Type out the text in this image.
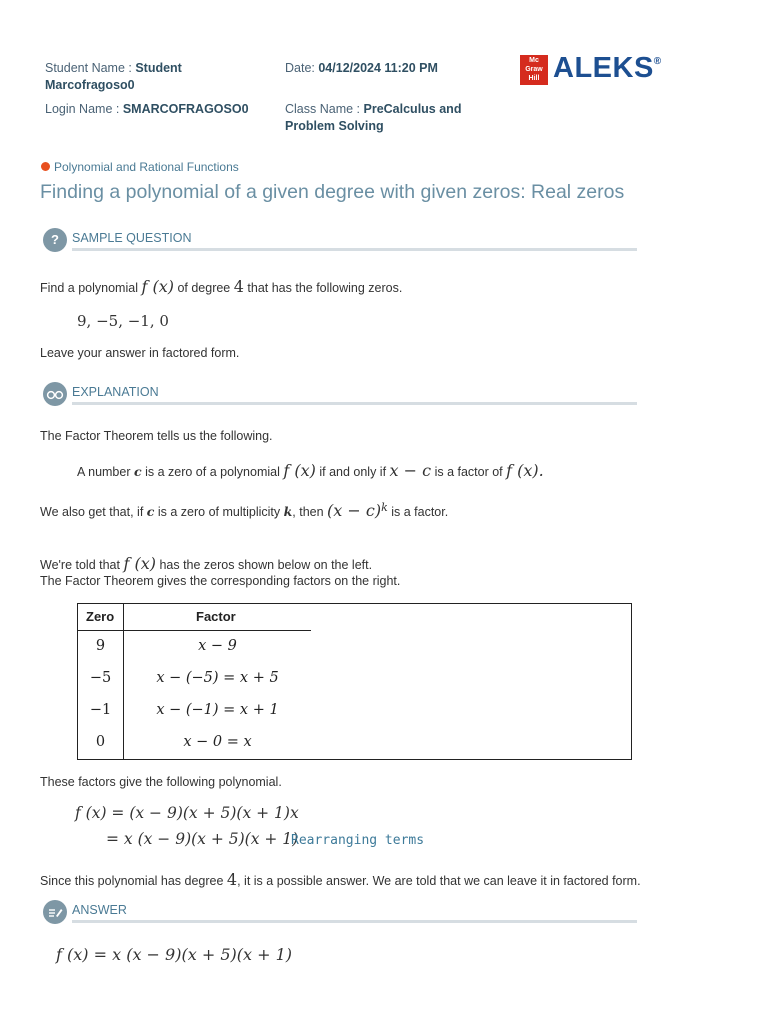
Student Name : Student
Marcofragoso0
Date: 04/12/2024 11:20 PM
Login Name : SMARCOFRAGOSO0	Class Name : PreCalculus and
Problem Solving
Mc Graw Hill ALEKS®
Polynomial and Rational Functions
Finding a polynomial of a given degree with given zeros: Real zeros
?	SAMPLE QUESTION
Find a polynomial f (x) of degree 4 that has the following zeros.
9, −5, −1, 0
Leave your answer in factored form.
EXPLANATION
The Factor Theorem tells us the following.
A number c is a zero of a polynomial f (x) if and only if x − c is a factor of f (x).
We also get that, if c is a zero of multiplicity k, then $(x - c)^k$ is a factor.
We're told that f (x) has the zeros shown below on the left.
The Factor Theorem gives the corresponding factors on the right.
Zero	Factor
9	x − 9
−5	x − (−5) = x + 5
−1	x − (−1) = x + 1
0	x − 0 = x
These factors give the following polynomial.
f (x) = (x − 9)(x + 5)(x + 1)x
= x (x − 9)(x + 5)(x + 1)
Rearranging terms
Since this polynomial has degree 4, it is a possible answer. We are told that we can leave it in factored form.
ANSWER
f (x) = x (x − 9)(x + 5)(x + 1)
